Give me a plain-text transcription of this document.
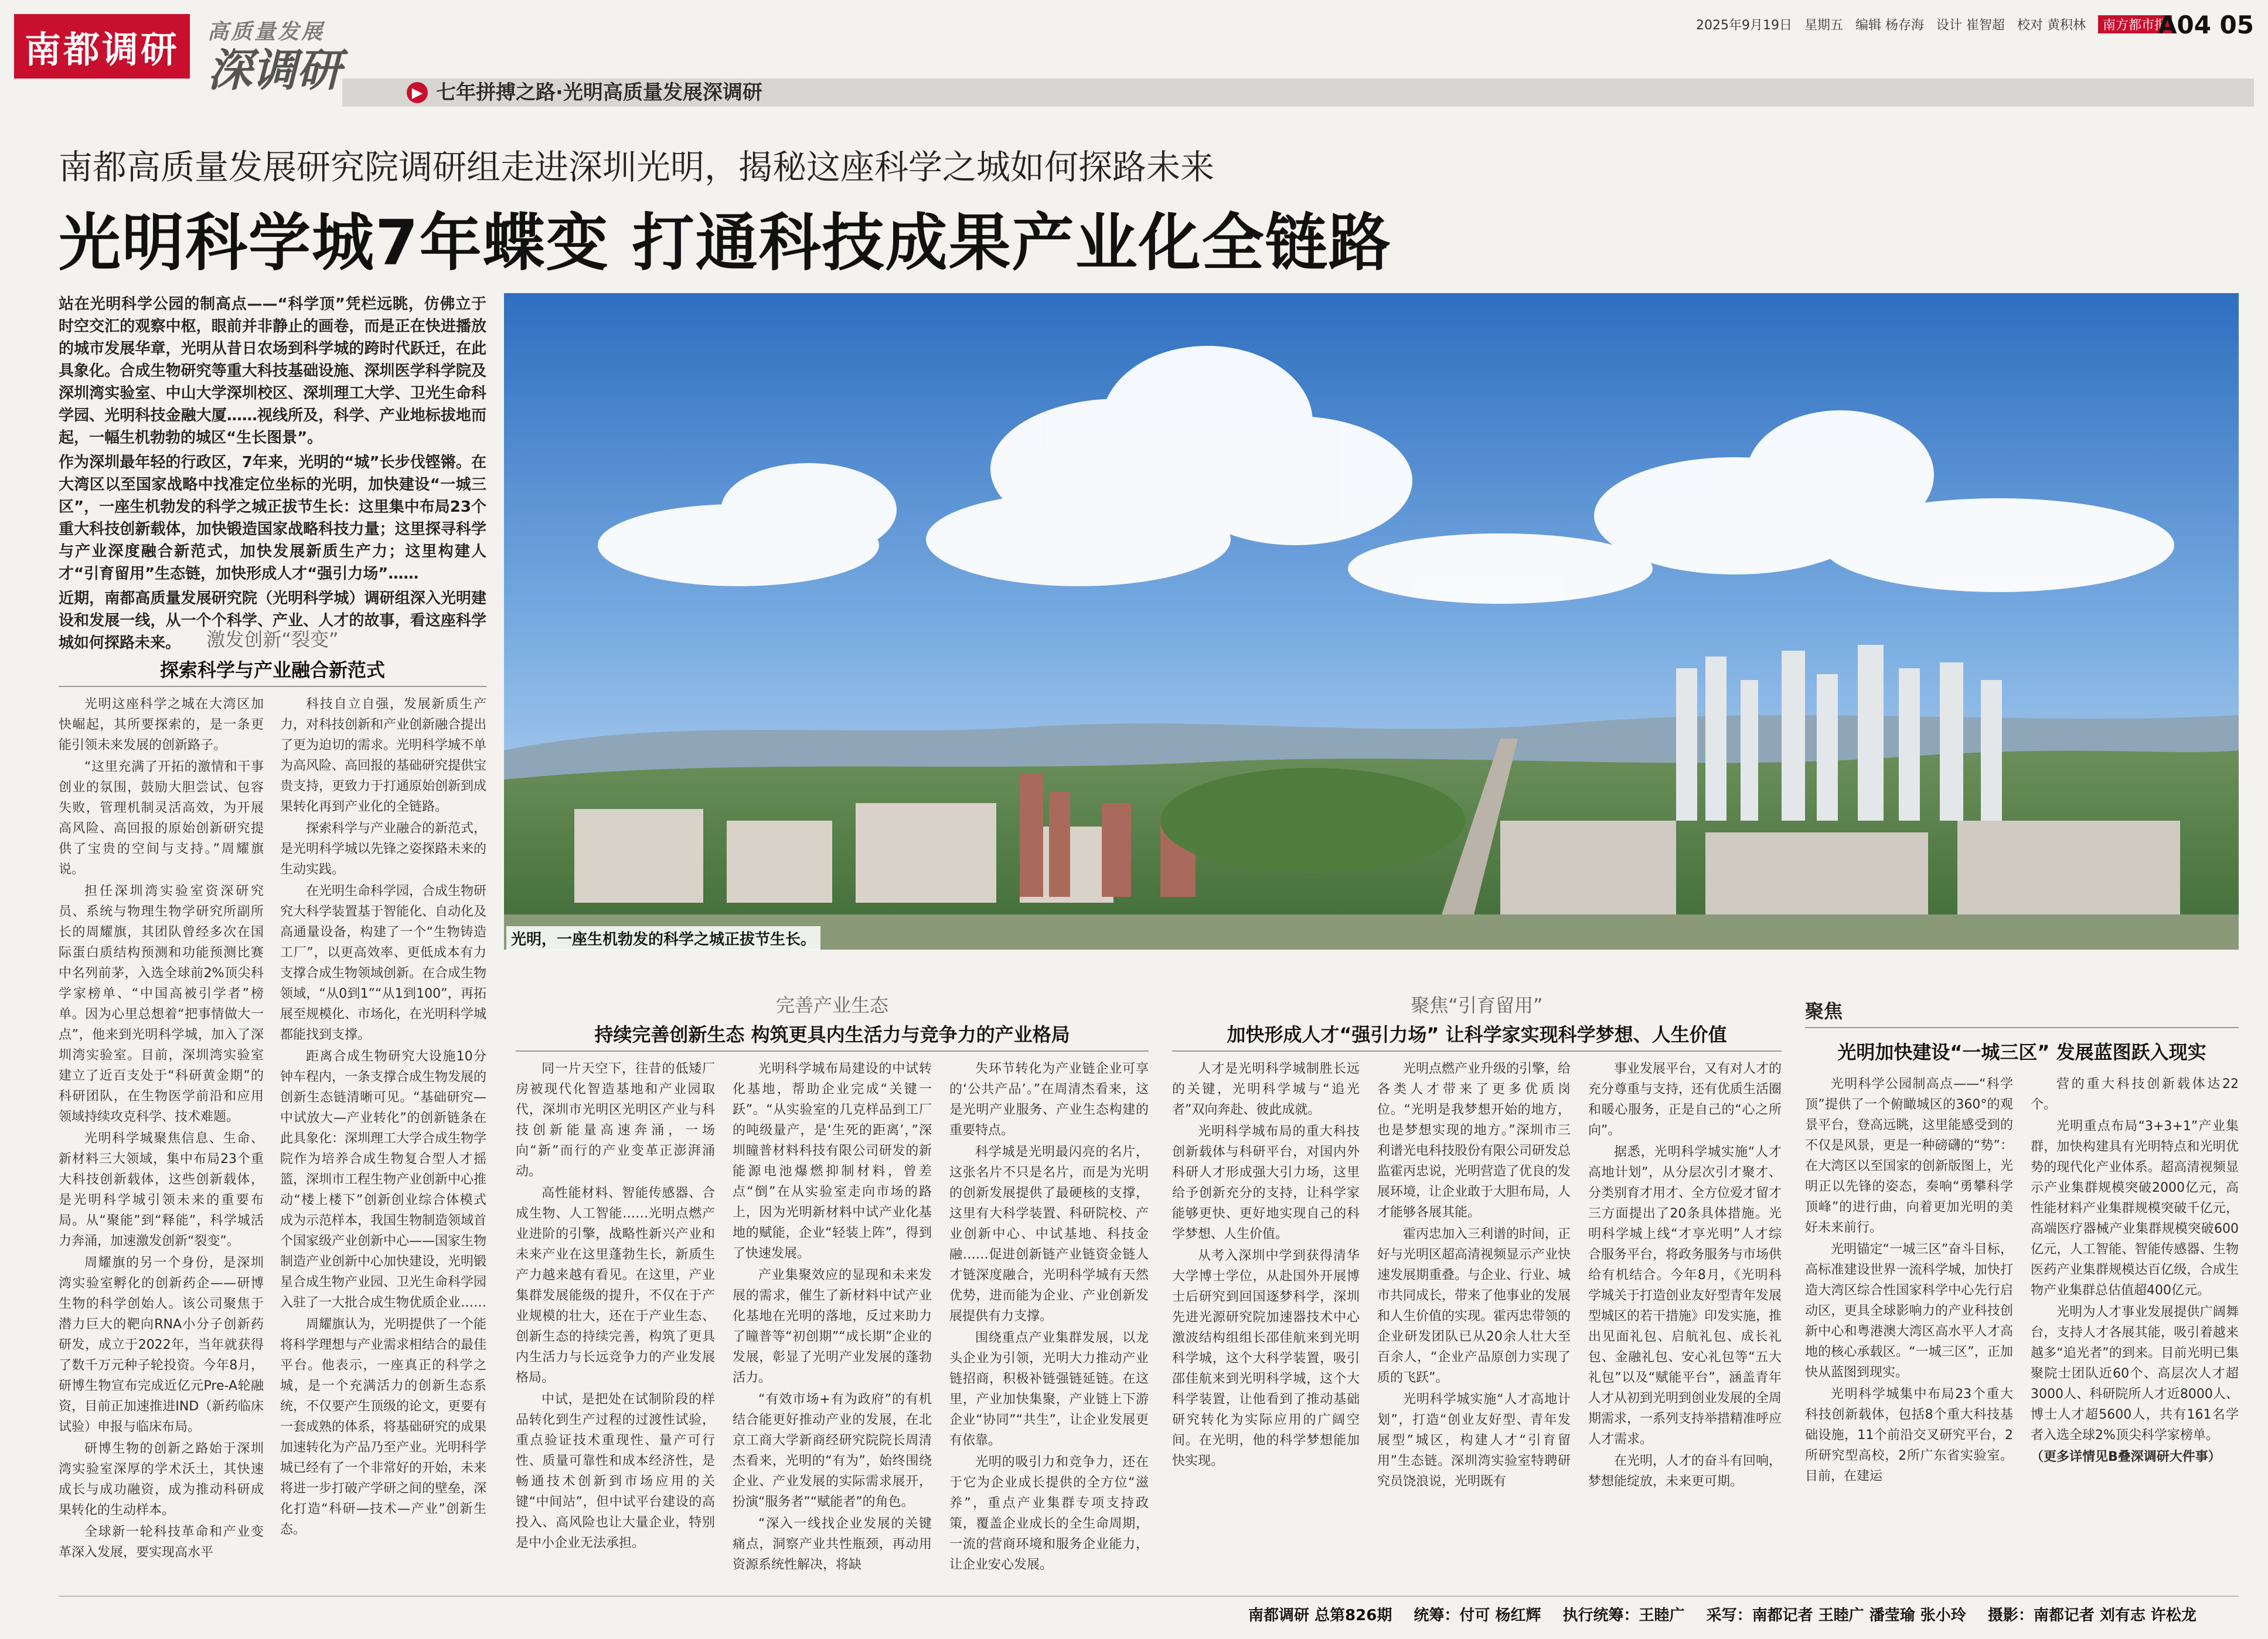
南都调研	高质量发展
深调研	▶ 七年拼搏之路·光明高质量发展深调研
2025年9月19日 星期五 编辑 杨存海 设计 崔智超 校对 黄积林 南方都市报
A04 05
南都高质量发展研究院调研组走进深圳光明，揭秘这座科学之城如何探路未来
光明科学城7年蝶变 打通科技成果产业化全链路

站在光明科学公园的制高点——“科学顶”凭栏远眺，仿佛立于时空交汇的观察中枢，眼前并非静止的画卷，而是正在快进播放的城市发展华章，光明从昔日农场到科学城的跨时代跃迁，在此具象化。合成生物研究等重大科技基础设施、深圳医学科学院及深圳湾实验室、中山大学深圳校区、深圳理工大学、卫光生命科学园、光明科技金融大厦……视线所及，科学、产业地标拔地而起，一幅生机勃勃的城区“生长图景”。

作为深圳最年轻的行政区，7年来，光明的“城”长步伐铿锵。在大湾区以至国家战略中找准定位坐标的光明，加快建设“一城三区”，一座生机勃发的科学之城正拔节生长：这里集中布局23个重大科技创新载体，加快锻造国家战略科技力量；这里探寻科学与产业深度融合新范式，加快发展新质生产力；这里构建人才“引育留用”生态链，加快形成人才“强引力场”……

近期，南都高质量发展研究院（光明科学城）调研组深入光明建设和发展一线，从一个个科学、产业、人才的故事，看这座科学城如何探路未来。

光明，一座生机勃发的科学之城正拔节生长。
激发创新“裂变”
探索科学与产业融合新范式

光明这座科学之城在大湾区加快崛起，其所要探索的，是一条更能引领未来发展的创新路子。

“这里充满了开拓的激情和干事创业的氛围，鼓励大胆尝试、包容失败，管理机制灵活高效，为开展高风险、高回报的原始创新研究提供了宝贵的空间与支持。”周耀旗说。

担任深圳湾实验室资深研究员、系统与物理生物学研究所副所长的周耀旗，其团队曾经多次在国际蛋白质结构预测和功能预测比赛中名列前茅，入选全球前2%顶尖科学家榜单、“中国高被引学者”榜单。因为心里总想着“把事情做大一点”，他来到光明科学城，加入了深圳湾实验室。目前，深圳湾实验室建立了近百支处于“科研黄金期”的科研团队，在生物医学前沿和应用领域持续攻克科学、技术难题。

光明科学城聚焦信息、生命、新材料三大领域，集中布局23个重大科技创新载体，这些创新载体，是光明科学城引领未来的重要布局。从“聚能”到“释能”，科学城活力奔涌，加速激发创新“裂变”。

周耀旗的另一个身份，是深圳湾实验室孵化的创新药企——研博生物的科学创始人。该公司聚焦于潜力巨大的靶向RNA小分子创新药研发，成立于2022年，当年就获得了数千万元种子轮投资。今年8月，研博生物宣布完成近亿元Pre-A轮融资，目前正加速推进IND（新药临床试验）申报与临床布局。

研博生物的创新之路始于深圳湾实验室深厚的学术沃土，其快速成长与成功融资，成为推动科研成果转化的生动样本。

全球新一轮科技革命和产业变革深入发展，要实现高水平

科技自立自强，发展新质生产力，对科技创新和产业创新融合提出了更为迫切的需求。光明科学城不单为高风险、高回报的基础研究提供宝贵支持，更致力于打通原始创新到成果转化再到产业化的全链路。

探索科学与产业融合的新范式，是光明科学城以先锋之姿探路未来的生动实践。

在光明生命科学园，合成生物研究大科学装置基于智能化、自动化及高通量设备，构建了一个“生物铸造工厂”，以更高效率、更低成本有力支撑合成生物领域创新。在合成生物领域，“从0到1”“从1到100”，再拓展至规模化、市场化，在光明科学城都能找到支撑。

距离合成生物研究大设施10分钟车程内，一条支撑合成生物发展的创新生态链清晰可见。“基础研究—中试放大—产业转化”的创新链条在此具象化：深圳理工大学合成生物学院作为培养合成生物复合型人才摇篮，深圳市工程生物产业创新中心推动“楼上楼下”创新创业综合体模式成为示范样本，我国生物制造领域首个国家级产业创新中心——国家生物制造产业创新中心加快建设，光明锻星合成生物产业园、卫光生命科学园入驻了一大批合成生物优质企业……

周耀旗认为，光明提供了一个能将科学理想与产业需求相结合的最佳平台。他表示，一座真正的科学之城，是一个充满活力的创新生态系统，不仅要产生顶级的论文，更要有一套成熟的体系，将基础研究的成果加速转化为产品乃至产业。光明科学城已经有了一个非常好的开始，未来将进一步打破产学研之间的壁垒，深化打造“科研—技术—产业”创新生态。

完善产业生态
持续完善创新生态 构筑更具内生活力与竞争力的产业格局

同一片天空下，往昔的低矮厂房被现代化智造基地和产业园取代，深圳市光明区光明区产业与科技创新能量高速奔涌，一场向“新”而行的产业变革正澎湃涌动。

高性能材料、智能传感器、合成生物、人工智能……光明点燃产业进阶的引擎，战略性新兴产业和未来产业在这里蓬勃生长，新质生产力越来越有看见。在这里，产业集群发展能级的提升，不仅在于产业规模的壮大，还在于产业生态、创新生态的持续完善，构筑了更具内生活力与长远竞争力的产业发展格局。

中试，是把处在试制阶段的样品转化到生产过程的过渡性试验，重点验证技术重现性、量产可行性、质量可靠性和成本经济性，是畅通技术创新到市场应用的关键“中间站”，但中试平台建设的高投入、高风险也让大量企业，特别是中小企业无法承担。

光明科学城布局建设的中试转化基地，帮助企业完成“关键一跃”。“从实验室的几克样品到工厂的吨级量产，是‘生死的距离’，”深圳瞳普材料科技有限公司研发的新能源电池爆燃抑制材料，曾差点“倒”在从实验室走向市场的路上，因为光明新材料中试产业化基地的赋能，企业“轻装上阵”，得到了快速发展。

产业集聚效应的显现和未来发展的需求，催生了新材料中试产业化基地在光明的落地，反过来助力了瞳普等“初创期”“成长期”企业的发展，彰显了光明产业发展的蓬勃活力。

“有效市场+有为政府”的有机结合能更好推动产业的发展，在北京工商大学新商经研究院院长周清杰看来，光明的“有为”，始终围绕企业、产业发展的实际需求展开，扮演“服务者”“赋能者”的角色。

“深入一线找企业发展的关键痛点，洞察产业共性瓶颈，再动用资源系统性解决，将缺

失环节转化为产业链企业可享的‘公共产品’。”在周清杰看来，这是光明产业服务、产业生态构建的重要特点。

科学城是光明最闪亮的名片，这张名片不只是名片，而是为光明的创新发展提供了最硬核的支撑，这里有大科学装置、科研院校、产业创新中心、中试基地、科技金融……促进创新链产业链资金链人才链深度融合，光明科学城有天然优势，进而能为企业、产业创新发展提供有力支撑。

围绕重点产业集群发展，以龙头企业为引领，光明大力推动产业链招商，积极补链强链延链。在这里，产业加快集聚，产业链上下游企业“协同”“共生”，让企业发展更有依靠。

光明的吸引力和竞争力，还在于它为企业成长提供的全方位“滋养”，重点产业集群专项支持政策，覆盖企业成长的全生命周期，一流的营商环境和服务企业能力，让企业安心发展。

聚焦“引育留用”
加快形成人才“强引力场” 让科学家实现科学梦想、人生价值

人才是光明科学城制胜长远的关键，光明科学城与“追光者”双向奔赴、彼此成就。

光明科学城布局的重大科技创新载体与科研平台，对国内外科研人才形成强大引力场，这里给予创新充分的支持，让科学家能够更快、更好地实现自己的科学梦想、人生价值。

从考入深圳中学到获得清华大学博士学位，从赴国外开展博士后研究到回国逐梦科学，深圳先进光源研究院加速器技术中心激波结构组组长邵佳航来到光明科学城，这个大科学装置，吸引邵佳航来到光明科学城，这个大科学装置，让他看到了推动基础研究转化为实际应用的广阔空间。在光明，他的科学梦想能加快实现。

光明点燃产业升级的引擎，给各类人才带来了更多优质岗位。“光明是我梦想开始的地方，也是梦想实现的地方。”深圳市三利谱光电科技股份有限公司研发总监霍丙忠说，光明营造了优良的发展环境，让企业敢于大胆布局，人才能够各展其能。

霍丙忠加入三利谱的时间，正好与光明区超高清视频显示产业快速发展期重叠。与企业、行业、城市共同成长，带来了他事业的发展和人生价值的实现。霍丙忠带领的企业研发团队已从20余人壮大至百余人，“企业产品原创力实现了质的飞跃”。

光明科学城实施“人才高地计划”，打造“创业友好型、青年发展型”城区，构建人才“引育留用”生态链。深圳湾实验室特聘研究员饶浪说，光明既有

事业发展平台，又有对人才的充分尊重与支持，还有优质生活圈和暖心服务，正是自己的“心之所向”。

据悉，光明科学城实施“人才高地计划”，从分层次引才聚才、分类别育才用才、全方位爱才留才三方面提出了20条具体措施。光明科学城上线“才享光明”人才综合服务平台，将政务服务与市场供给有机结合。今年8月，《光明科学城关于打造创业友好型青年发展型城区的若干措施》印发实施，推出见面礼包、启航礼包、成长礼包、金融礼包、安心礼包等“五大礼包”以及“赋能平台”，涵盖青年人才从初到光明到创业发展的全周期需求，一系列支持举措精准呼应人才需求。

在光明，人才的奋斗有回响，梦想能绽放，未来更可期。

聚焦
光明加快建设“一城三区” 发展蓝图跃入现实

光明科学公园制高点——“科学顶”提供了一个俯瞰城区的360°的观景平台，登高远眺，这里能感受到的不仅是风景，更是一种磅礴的“势”：在大湾区以至国家的创新版图上，光明正以先锋的姿态，奏响“勇攀科学顶峰”的进行曲，向着更加光明的美好未来前行。

光明锚定“一城三区”奋斗目标，高标准建设世界一流科学城，加快打造大湾区综合性国家科学中心先行启动区，更具全球影响力的产业科技创新中心和粤港澳大湾区高水平人才高地的核心承载区。“一城三区”，正加快从蓝图到现实。

光明科学城集中布局23个重大科技创新载体，包括8个重大科技基础设施，11个前沿交叉研究平台，2所研究型高校，2所广东省实验室。目前，在建运

营的重大科技创新载体达22个。

光明重点布局“3+3+1”产业集群，加快构建具有光明特点和光明优势的现代化产业体系。超高清视频显示产业集群规模突破2000亿元，高性能材料产业集群规模突破千亿元，高端医疗器械产业集群规模突破600亿元，人工智能、智能传感器、生物医药产业集群规模达百亿级，合成生物产业集群总估值超400亿元。

光明为人才事业发展提供广阔舞台，支持人才各展其能，吸引着越来越多“追光者”的到来。目前光明已集聚院士团队近60个、高层次人才超3000人、科研院所人才近8000人、博士人才超5600人，共有161名学者入选全球2%顶尖科学家榜单。

（更多详情见B叠深调研大件事）

南都调研 总第826期 统筹：付可 杨红辉 执行统筹：王睦广 采写：南都记者 王睦广 潘莹瑜 张小玲 摄影：南都记者 刘有志 许松龙
